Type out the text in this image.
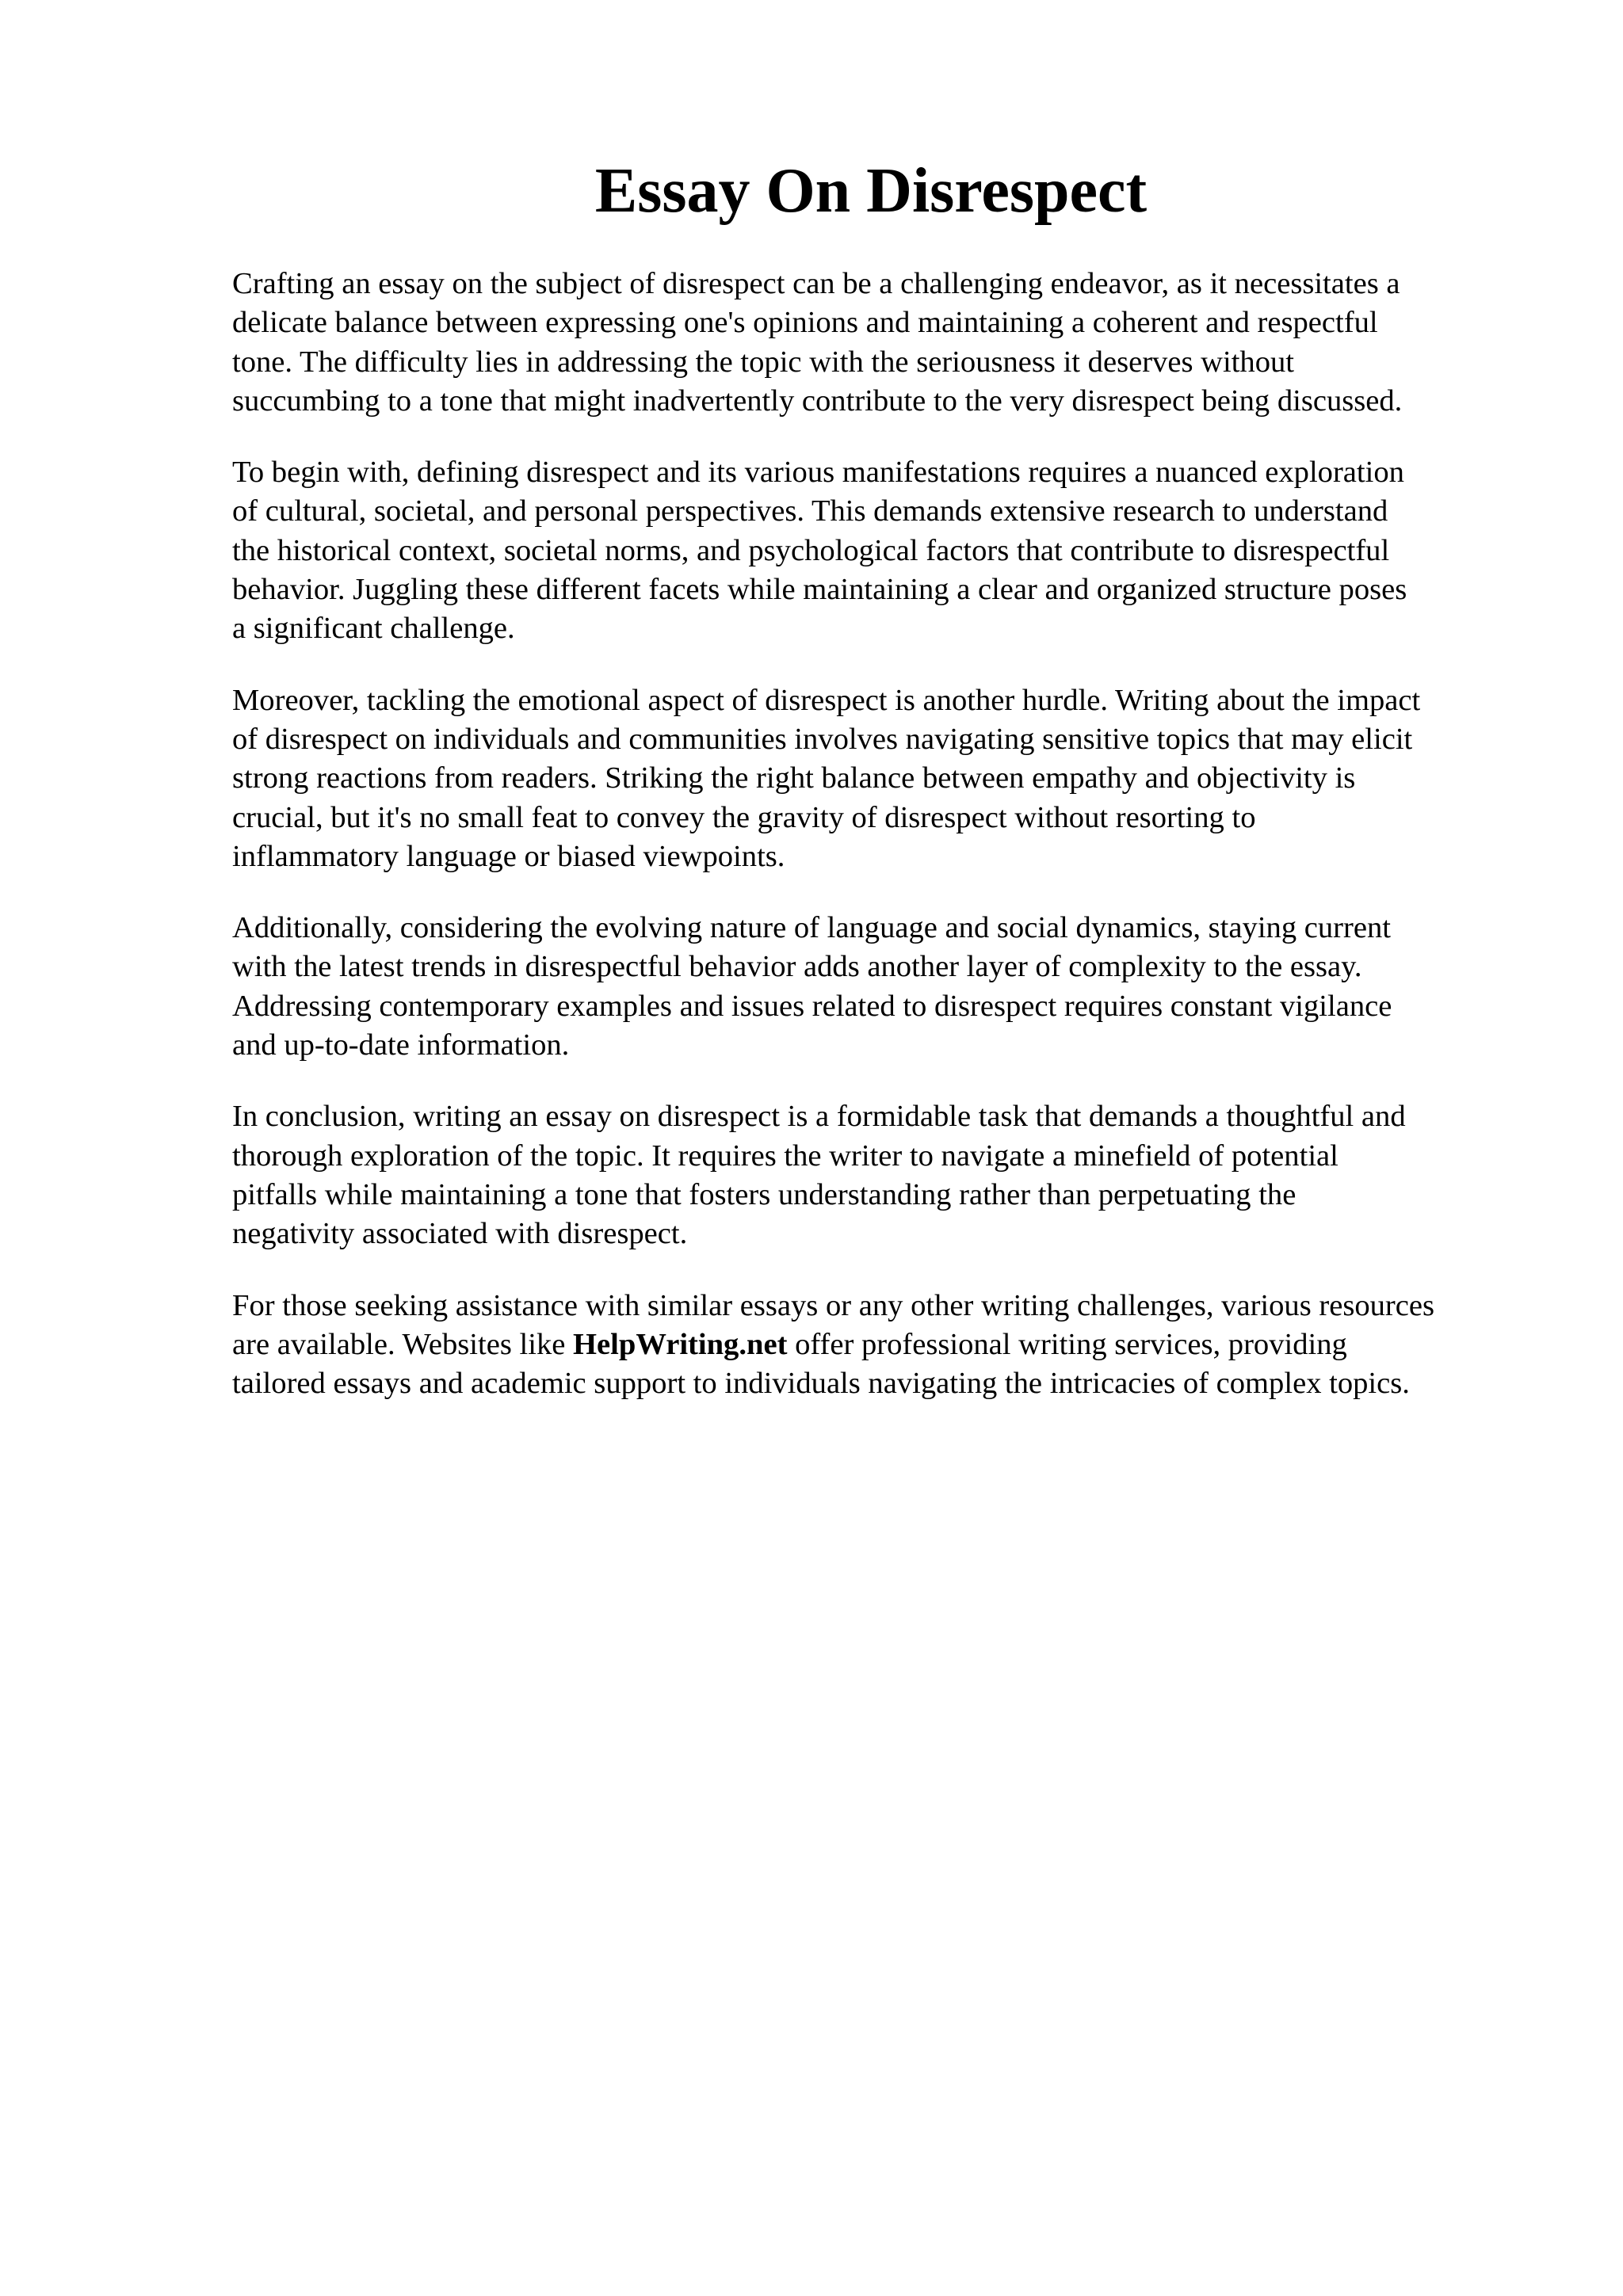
Essay On Disrespect

Crafting an essay on the subject of disrespect can be a challenging endeavor, as it necessitates a
delicate balance between expressing one's opinions and maintaining a coherent and respectful
tone. The difficulty lies in addressing the topic with the seriousness it deserves without
succumbing to a tone that might inadvertently contribute to the very disrespect being discussed.

To begin with, defining disrespect and its various manifestations requires a nuanced exploration
of cultural, societal, and personal perspectives. This demands extensive research to understand
the historical context, societal norms, and psychological factors that contribute to disrespectful
behavior. Juggling these different facets while maintaining a clear and organized structure poses
a significant challenge.

Moreover, tackling the emotional aspect of disrespect is another hurdle. Writing about the impact
of disrespect on individuals and communities involves navigating sensitive topics that may elicit
strong reactions from readers. Striking the right balance between empathy and objectivity is
crucial, but it's no small feat to convey the gravity of disrespect without resorting to
inflammatory language or biased viewpoints.

Additionally, considering the evolving nature of language and social dynamics, staying current
with the latest trends in disrespectful behavior adds another layer of complexity to the essay.
Addressing contemporary examples and issues related to disrespect requires constant vigilance
and up-to-date information.

In conclusion, writing an essay on disrespect is a formidable task that demands a thoughtful and
thorough exploration of the topic. It requires the writer to navigate a minefield of potential
pitfalls while maintaining a tone that fosters understanding rather than perpetuating the
negativity associated with disrespect.

For those seeking assistance with similar essays or any other writing challenges, various resources
are available. Websites like HelpWriting.net offer professional writing services, providing
tailored essays and academic support to individuals navigating the intricacies of complex topics.
